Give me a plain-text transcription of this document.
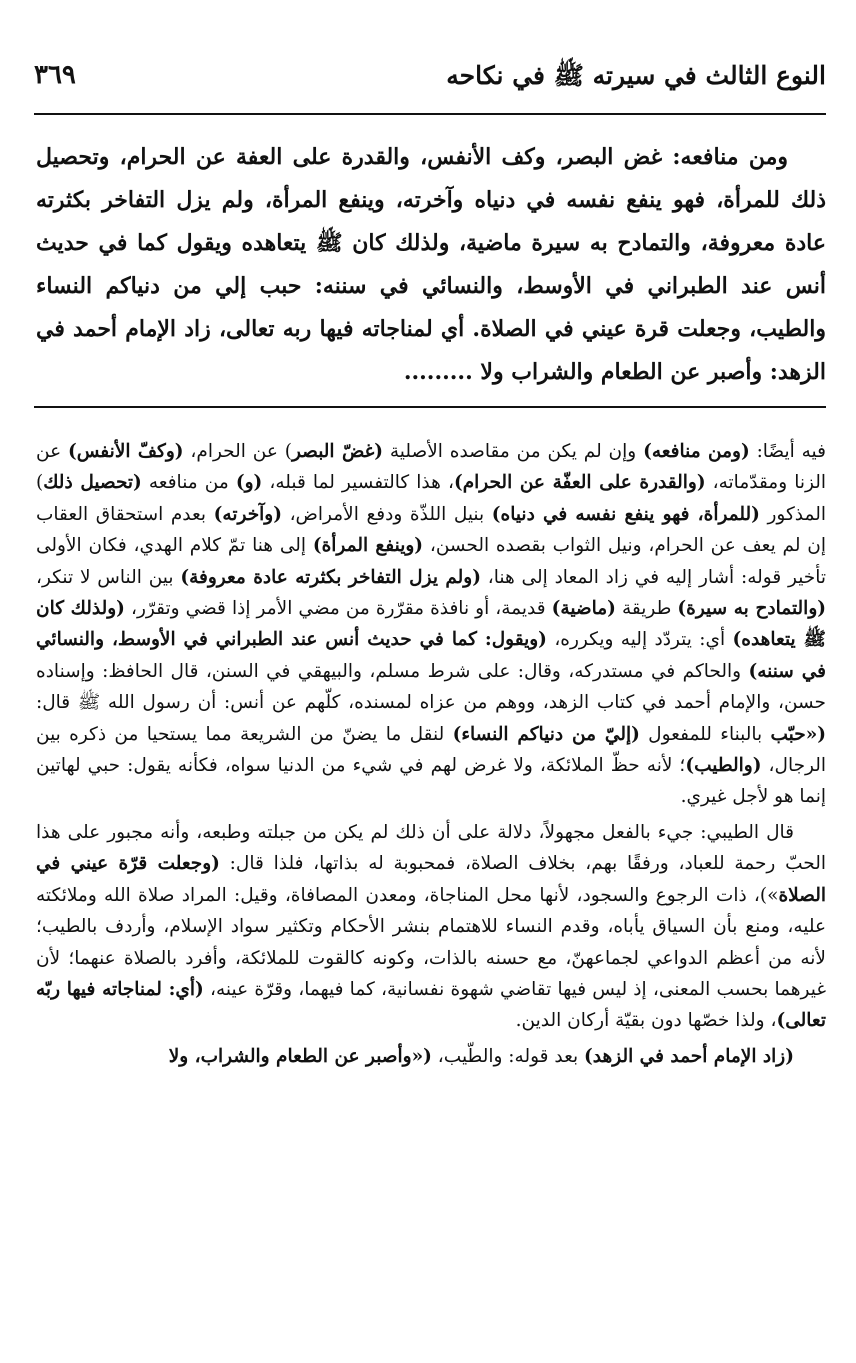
النوع الثالث في سيرته ﷺ في نكاحه
٣٦٩

ومن منافعه: غض البصر، وكف الأنفس، والقدرة على العفة عن الحرام، وتحصيل ذلك للمرأة، فهو ينفع نفسه في دنياه وآخرته، وينفع المرأة، ولم يزل التفاخر بكثرته عادة معروفة، والتمادح به سيرة ماضية، ولذلك كان ﷺ يتعاهده ويقول كما في حديث أنس عند الطبراني في الأوسط، والنسائي في سننه: حبب إلي من دنياكم النساء والطيب، وجعلت قرة عيني في الصلاة. أي لمناجاته فيها ربه تعالى، زاد الإمام أحمد في الزهد: وأصبر عن الطعام والشراب ولا .........

فيه أيضًا: (ومن منافعه) وإن لم يكن من مقاصده الأصلية (غضّ البصر) عن الحرام، (وكفّ الأنفس) عن الزنا ومقدّماته، (والقدرة على العفّة عن الحرام)، هذا كالتفسير لما قبله، (و) من منافعه (تحصيل ذلك) المذكور (للمرأة، فهو ينفع نفسه في دنياه) بنيل اللذّة ودفع الأمراض، (وآخرته) بعدم استحقاق العقاب إن لم يعف عن الحرام، ونيل الثواب بقصده الحسن، (وينفع المرأة) إلى هنا تمّ كلام الهدي، فكان الأولى تأخير قوله: أشار إليه في زاد المعاد إلى هنا، (ولم يزل التفاخر بكثرته عادة معروفة) بين الناس لا تنكر، (والتمادح به سيرة) طريقة (ماضية) قديمة، أو نافذة مقرّرة من مضي الأمر إذا قضي وتقرّر، (ولذلك كان ﷺ يتعاهده) أي: يتردّد إليه ويكرره، (ويقول: كما في حديث أنس عند الطبراني في الأوسط، والنسائي في سننه) والحاكم في مستدركه، وقال: على شرط مسلم، والبيهقي في السنن، قال الحافظ: وإسناده حسن، والإمام أحمد في كتاب الزهد، ووهم من عزاه لمسنده، كلّهم عن أنس: أن رسول الله ﷺ قال: («حبّب بالبناء للمفعول (إليّ من دنياكم النساء) لنقل ما يضنّ من الشريعة مما يستحيا من ذكره بين الرجال، (والطيب)؛ لأنه حظّ الملائكة، ولا غرض لهم في شيء من الدنيا سواه، فكأنه يقول: حبي لهاتين إنما هو لأجل غيري.

قال الطيبي: جيء بالفعل مجهولاً، دلالة على أن ذلك لم يكن من جبلته وطبعه، وأنه مجبور على هذا الحبّ رحمة للعباد، ورفقًا بهم، بخلاف الصلاة، فمحبوبة له بذاتها، فلذا قال: (وجعلت قرّة عيني في الصلاة»)، ذات الرجوع والسجود، لأنها محل المناجاة، ومعدن المصافاة، وقيل: المراد صلاة الله وملائكته عليه، ومنع بأن السياق يأباه، وقدم النساء للاهتمام بنشر الأحكام وتكثير سواد الإسلام، وأردف بالطيب؛ لأنه من أعظم الدواعي لجماعهنّ، مع حسنه بالذات، وكونه كالقوت للملائكة، وأفرد بالصلاة عنهما؛ لأن غيرهما بحسب المعنى، إذ ليس فيها تقاضي شهوة نفسانية، كما فيهما، وقرّة عينه، (أي: لمناجاته فيها ربّه تعالى)، ولذا خصّها دون بقيّة أركان الدين.

(زاد الإمام أحمد في الزهد) بعد قوله: والطّيب، («وأصبر عن الطعام والشراب، ولا
